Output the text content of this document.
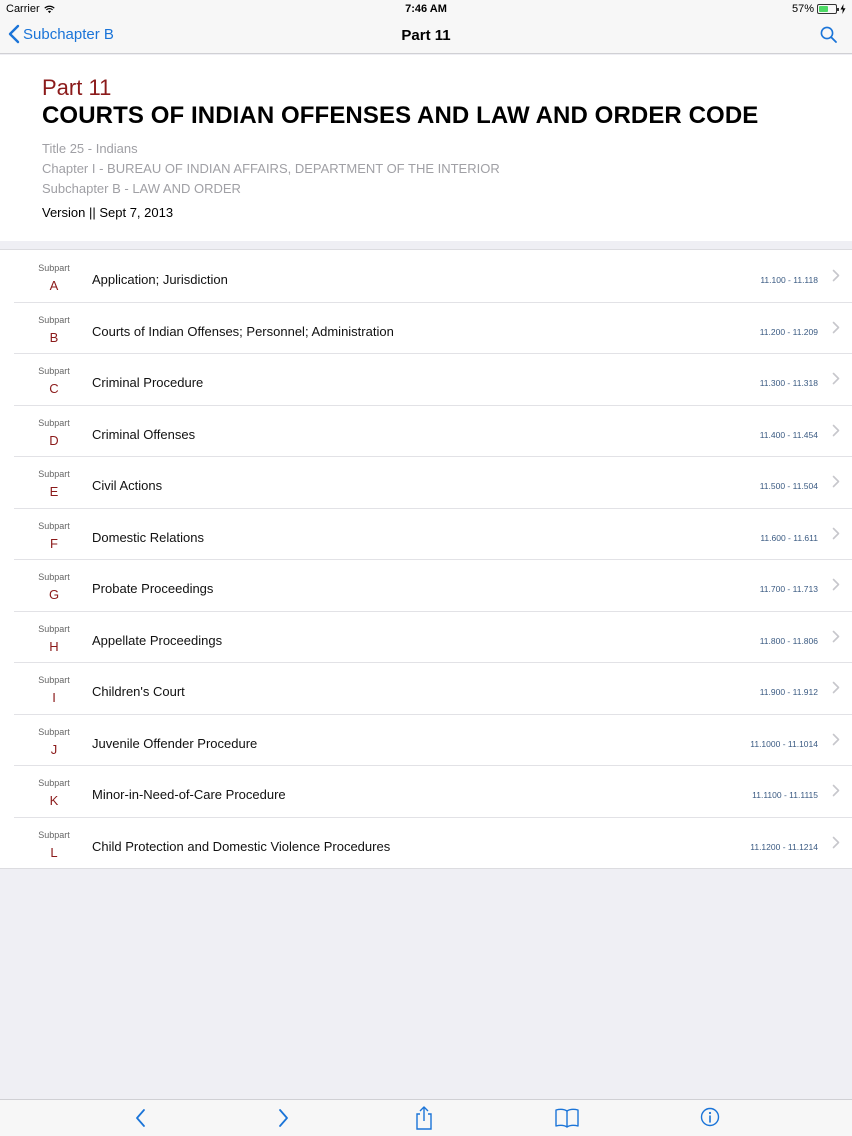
Carrier	7:46 AM	57%
Subchapter B	Part 11
Part 11
COURTS OF INDIAN OFFENSES AND LAW AND ORDER CODE
Title 25 - Indians
Chapter I - BUREAU OF INDIAN AFFAIRS, DEPARTMENT OF THE INTERIOR
Subchapter B - LAW AND ORDER
Version || Sept 7, 2013
Subpart
A	Application; Jurisdiction	11.100 - 11.118
Subpart
B	Courts of Indian Offenses; Personnel; Administration	11.200 - 11.209
Subpart
C	Criminal Procedure	11.300 - 11.318
Subpart
D	Criminal Offenses	11.400 - 11.454
Subpart
E	Civil Actions	11.500 - 11.504
Subpart
F	Domestic Relations	11.600 - 11.611
Subpart
G	Probate Proceedings	11.700 - 11.713
Subpart
H	Appellate Proceedings	11.800 - 11.806
Subpart
I	Children's Court	11.900 - 11.912
Subpart
J	Juvenile Offender Procedure	11.1000 - 11.1014
Subpart
K	Minor-in-Need-of-Care Procedure	11.1100 - 11.1115
Subpart
L	Child Protection and Domestic Violence Procedures	11.1200 - 11.1214
